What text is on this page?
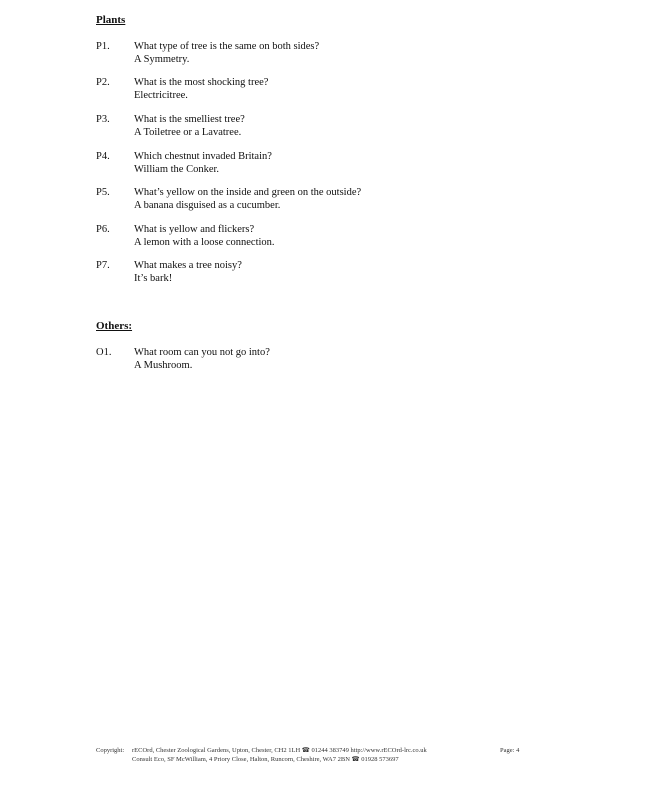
Plants
P1.	What type of tree is the same on both sides?
A Symmetry.
P2.	What is the most shocking tree?
Electricitree.
P3.	What is the smelliest tree?
A Toiletree or a Lavatree.
P4.	Which chestnut invaded Britain?
William the Conker.
P5.	What’s yellow on the inside and green on the outside?
A banana disguised as a cucumber.
P6.	What is yellow and flickers?
A lemon with a loose connection.
P7.	What makes a tree noisy?
It’s bark!
Others:
O1.	What room can you not go into?
A Mushroom.
Copyright: rECOrd, Chester Zoological Gardens, Upton, Chester, CH2 1LH ☎ 01244 383749 http://www.rECOrd-lrc.co.uk
Consult Eco, SF McWilliam, 4 Priory Close, Halton, Runcorn, Cheshire, WA7 2BN ☎ 01928 573697
Page: 4
